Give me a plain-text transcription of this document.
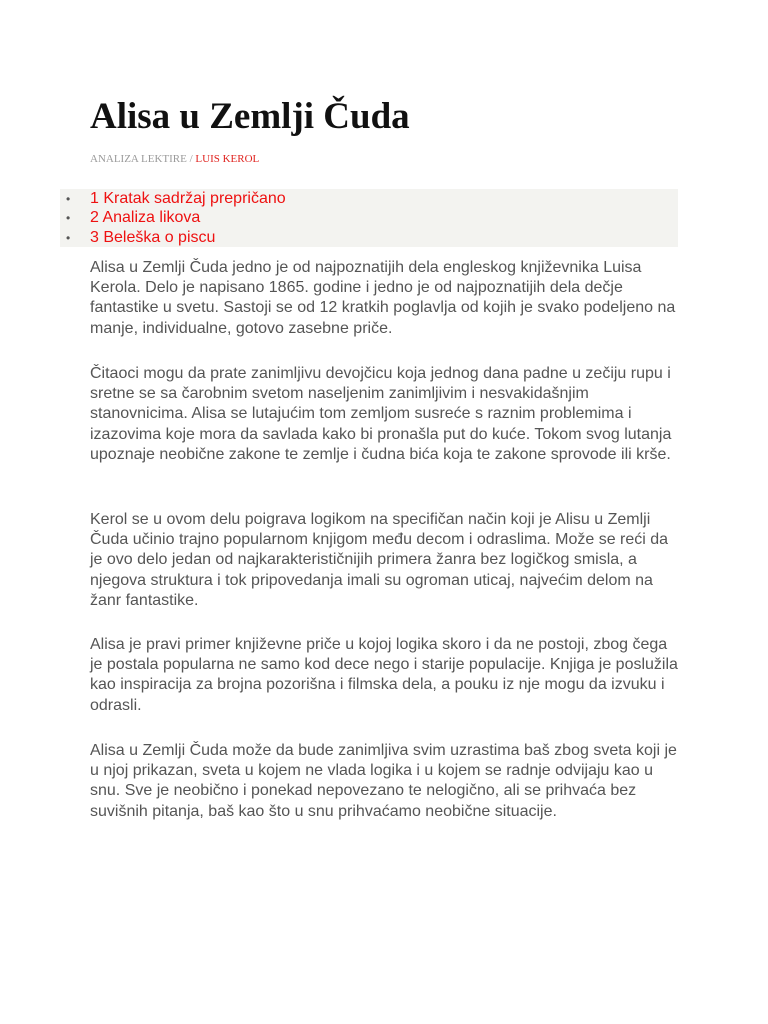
Alisa u Zemlji Čuda
ANALIZA LEKTIRE / LUIS KEROL
• 1 Kratak sadržaj prepričano
• 2 Analiza likova
• 3 Beleška o piscu

Alisa u Zemlji Čuda jedno je od najpoznatijih dela engleskog književnika Luisa Kerola. Delo je napisano 1865. godine i jedno je od najpoznatijih dela dečje fantastike u svetu. Sastoji se od 12 kratkih poglavlja od kojih je svako podeljeno na manje, individualne, gotovo zasebne priče.

Čitaoci mogu da prate zanimljivu devojčicu koja jednog dana padne u zečiju rupu i sretne se sa čarobnim svetom naseljenim zanimljivim i nesvakidašnjim stanovnicima. Alisa se lutajućim tom zemljom susreće s raznim problemima i izazovima koje mora da savlada kako bi pronašla put do kuće. Tokom svog lutanja upoznaje neobične zakone te zemlje i čudna bića koja te zakone sprovode ili krše.

Kerol se u ovom delu poigrava logikom na specifičan način koji je Alisu u Zemlji Čuda učinio trajno popularnom knjigom među decom i odraslima. Može se reći da je ovo delo jedan od najkarakterističnijih primera žanra bez logičkog smisla, a njegova struktura i tok pripovedanja imali su ogroman uticaj, najvećim delom na žanr fantastike.

Alisa je pravi primer književne priče u kojoj logika skoro i da ne postoji, zbog čega je postala popularna ne samo kod dece nego i starije populacije. Knjiga je poslužila kao inspiracija za brojna pozorišna i filmska dela, a pouku iz nje mogu da izvuku i odrasli.

Alisa u Zemlji Čuda može da bude zanimljiva svim uzrastima baš zbog sveta koji je u njoj prikazan, sveta u kojem ne vlada logika i u kojem se radnje odvijaju kao u snu. Sve je neobično i ponekad nepovezano te nelogično, ali se prihvaća bez suvišnih pitanja, baš kao što u snu prihvaćamo neobične situacije.
